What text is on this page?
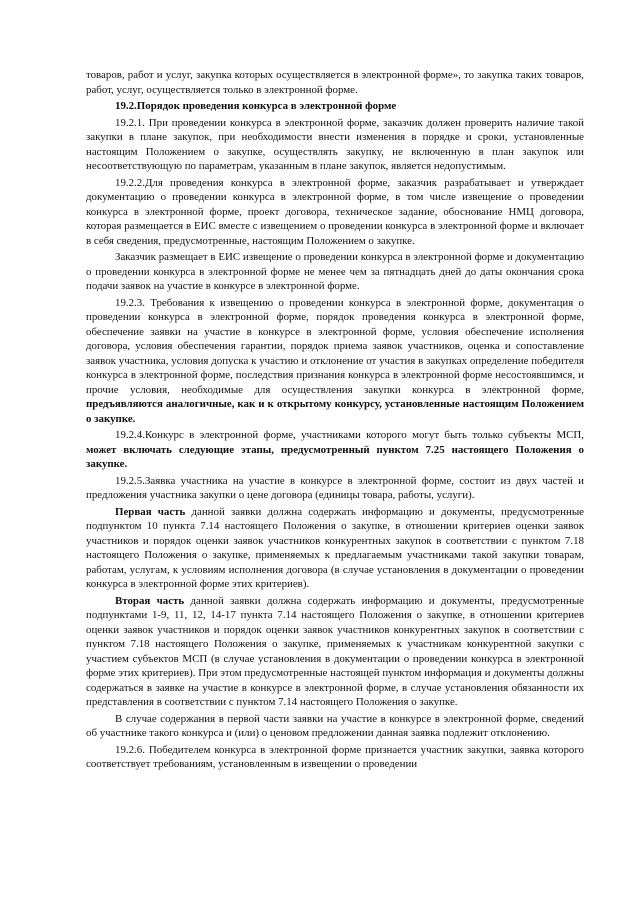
товаров, работ и услуг, закупка которых осуществляется в электронной форме», то закупка таких товаров, работ, услуг, осуществляется только в электронной форме.

19.2.Порядок проведения конкурса в электронной форме

19.2.1. При проведении конкурса в электронной форме, заказчик должен проверить наличие такой закупки в плане закупок, при необходимости внести изменения в порядке и сроки, установленные настоящим Положением о закупке, осуществлять закупку, не включенную в план закупок или несоответствующую по параметрам, указанным в плане закупок, является недопустимым.

19.2.2.Для проведения конкурса в электронной форме, заказчик разрабатывает и утверждает документацию о проведении конкурса в электронной форме, в том числе извещение о проведении конкурса в электронной форме, проект договора, техническое задание, обоснование НМЦ договора, которая размещается в ЕИС вместе с извещением о проведении конкурса в электронной форме и включает в себя сведения, предусмотренные, настоящим Положением о закупке.

Заказчик размещает в ЕИС извещение о проведении конкурса в электронной форме и документацию о проведении конкурса в электронной форме не менее чем за пятнадцать дней до даты окончания срока подачи заявок на участие в конкурсе в электронной форме.

19.2.3. Требования к извещению о проведении конкурса в электронной форме, документация о проведении конкурса в электронной форме, порядок проведения конкурса в электронной форме, обеспечение заявки на участие в конкурсе в электронной форме, условия обеспечение исполнения договора, условия обеспечения гарантии, порядок приема заявок участников, оценка и сопоставление заявок участника, условия допуска к участию и отклонение от участия в закупках определение победителя конкурса в электронной форме, последствия признания конкурса в электронной форме несостоявшимся, и прочие условия, необходимые для осуществления закупки конкурса в электронной форме, предъявляются аналогичные, как и к открытому конкурсу, установленные настоящим Положением о закупке.

19.2.4.Конкурс в электронной форме, участниками которого могут быть только субъекты МСП, может включать следующие этапы, предусмотренный пунктом 7.25 настоящего Положения о закупке.

19.2.5.Заявка участника на участие в конкурсе в электронной форме, состоит из двух частей и предложения участника закупки о цене договора (единицы товара, работы, услуги).

Первая часть данной заявки должна содержать информацию и документы, предусмотренные подпунктом 10 пункта 7.14 настоящего Положения о закупке, в отношении критериев оценки заявок участников и порядок оценки заявок участников конкурентных закупок в соответствии с пунктом 7.18 настоящего Положения о закупке, применяемых к предлагаемым участниками такой закупки товарам, работам, услугам, к условиям исполнения договора (в случае установления в документации о проведении конкурса в электронной форме этих критериев).

Вторая часть данной заявки должна содержать информацию и документы, предусмотренные подпунктами 1-9, 11, 12, 14-17 пункта 7.14 настоящего Положения о закупке, в отношении критериев оценки заявок участников и порядок оценки заявок участников конкурентных закупок в соответствии с пунктом 7.18 настоящего Положения о закупке, применяемых к участникам конкурентной закупки с участием субъектов МСП (в случае установления в документации о проведении конкурса в электронной форме этих критериев). При этом предусмотренные настоящей пунктом информация и документы должны содержаться в заявке на участие в конкурсе в электронной форме, в случае установления обязанности их представления в соответствии с пунктом 7.14 настоящего Положения о закупке.

В случае содержания в первой части заявки на участие в конкурсе в электронной форме, сведений об участнике такого конкурса и (или) о ценовом предложении данная заявка подлежит отклонению.

19.2.6. Победителем конкурса в электронной форме признается участник закупки, заявка которого соответствует требованиям, установленным в извещении о проведении
